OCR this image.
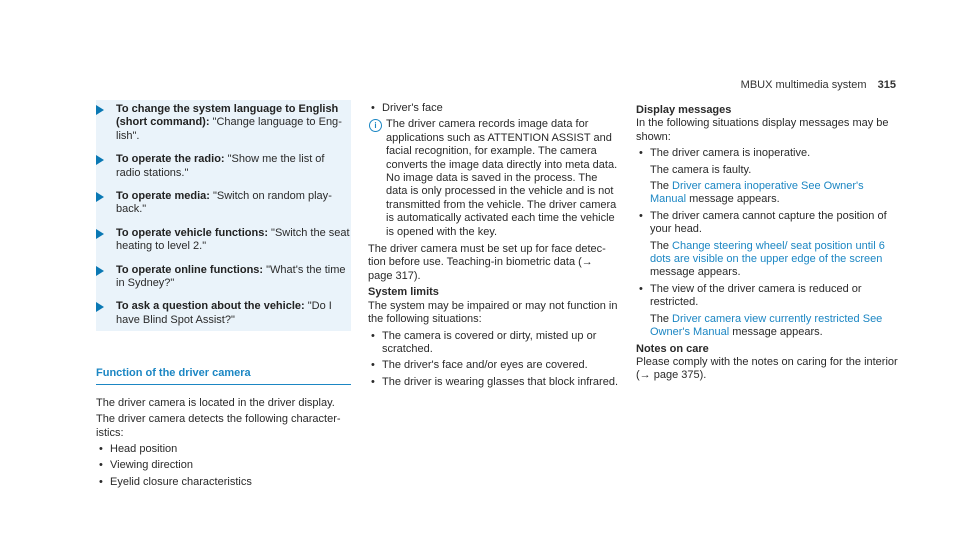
MBUX multimedia system 315
To change the system language to English (short command): "Change language to English".
To operate the radio: "Show me the list of radio stations."
To operate media: "Switch on random playback."
To operate vehicle functions: "Switch the seat heating to level 2."
To operate online functions: "What's the time in Sydney?"
To ask a question about the vehicle: "Do I have Blind Spot Assist?"
Function of the driver camera

The driver camera is located in the driver display.

The driver camera detects the following characteristics:

• Head position
• Viewing direction
• Eyelid closure characteristics
• Driver's face
i The driver camera records image data for applications such as ATTENTION ASSIST and facial recognition, for example. The camera converts the image data directly into meta data. No image data is saved in the process. The data is only processed in the vehicle and is not transmitted from the vehicle. The driver camera is automatically activated each time the vehicle is opened with the key.

The driver camera must be set up for face detection before use. Teaching-in biometric data (→ page 317).

System limits

The system may be impaired or may not function in the following situations:

• The camera is covered or dirty, misted up or scratched.
• The driver's face and/or eyes are covered.
• The driver is wearing glasses that block infrared.
Display messages

In the following situations display messages may be shown:

• The driver camera is inoperative.
The camera is faulty.
The Driver camera inoperative See Owner's Manual message appears.
• The driver camera cannot capture the position of your head.
The Change steering wheel/ seat position until 6 dots are visible on the upper edge of the screen message appears.
• The view of the driver camera is reduced or restricted.
The Driver camera view currently restricted See Owner's Manual message appears.
Notes on care

Please comply with the notes on caring for the interior (→ page 375).
